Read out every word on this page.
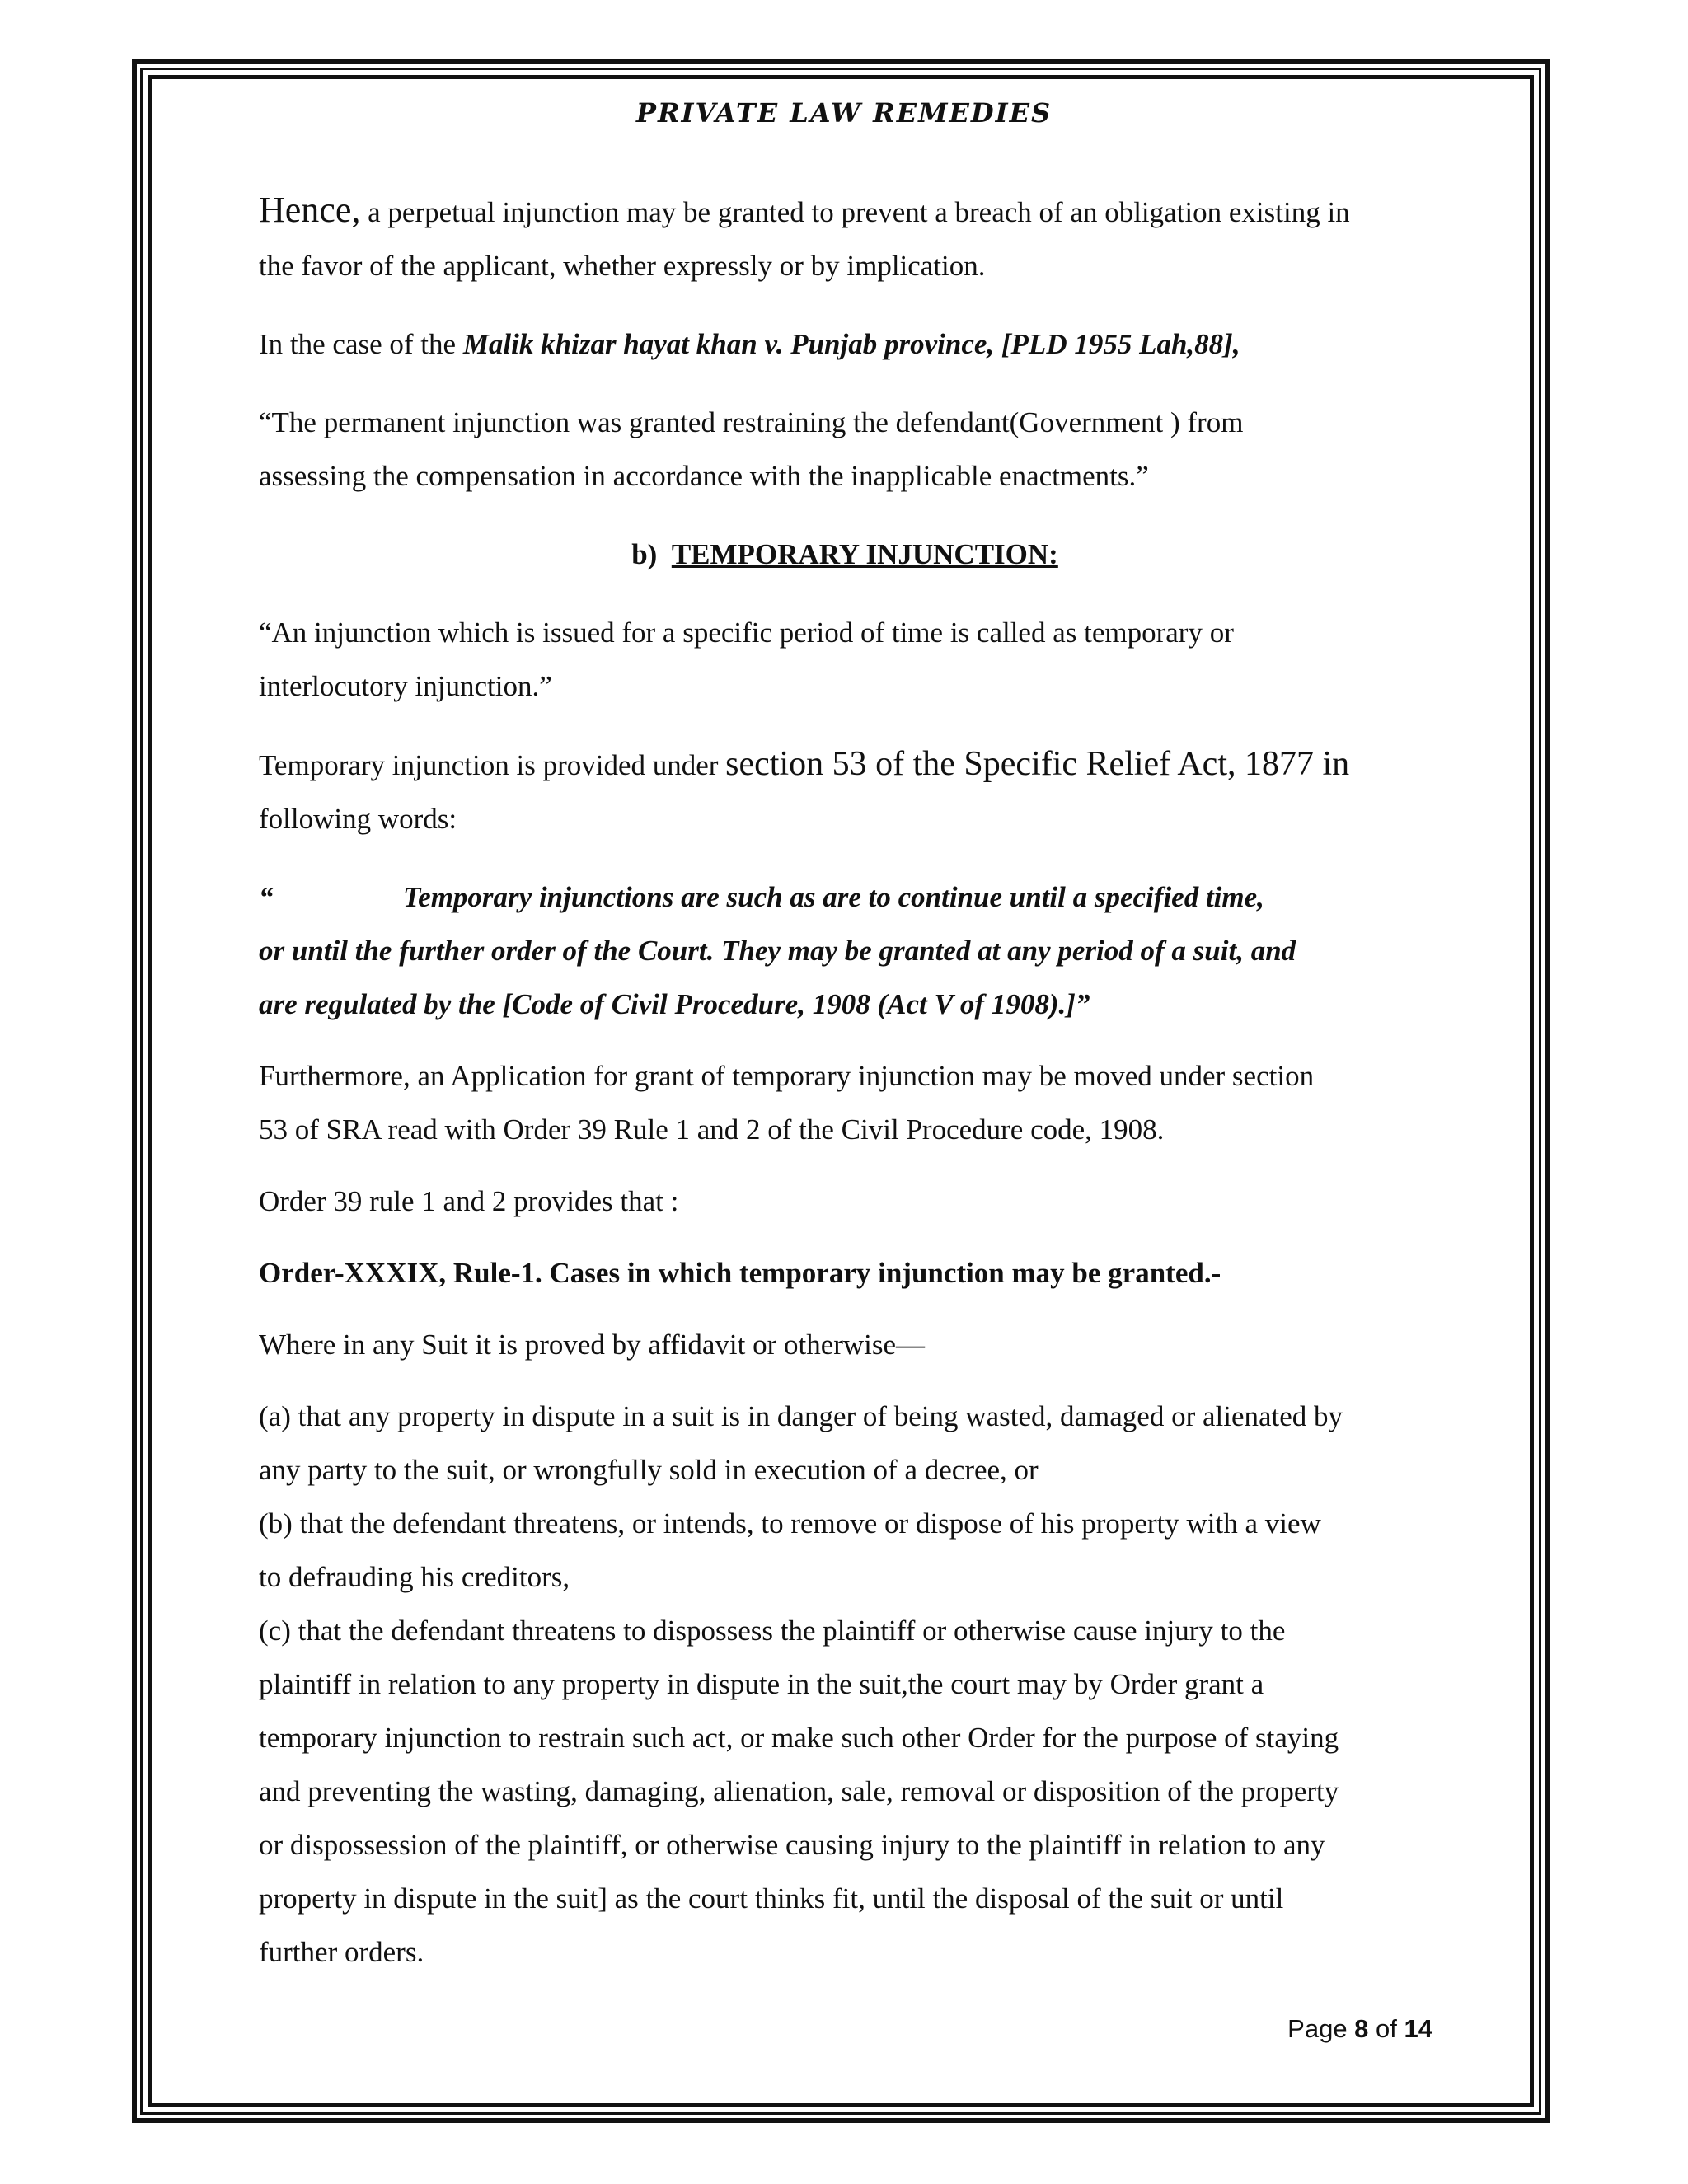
PRIVATE LAW REMEDIES

Hence, a perpetual injunction may be granted to prevent a breach of an obligation existing in

the favor of the applicant, whether expressly or by implication.

In the case of the Malik khizar hayat khan v. Punjab province, [PLD 1955 Lah,88],

“The permanent injunction was granted restraining the defendant(Government ) from

assessing the compensation in accordance with the inapplicable enactments.”

b) TEMPORARY INJUNCTION:

“An injunction which is issued for a specific period of time is called as temporary or

interlocutory injunction.”

Temporary injunction is provided under section 53 of the Specific Relief Act, 1877 in

following words:

“	Temporary injunctions are such as are to continue until a specified time,

or until the further order of the Court. They may be granted at any period of a suit, and

are regulated by the [Code of Civil Procedure, 1908 (Act V of 1908).]”

Furthermore, an Application for grant of temporary injunction may be moved under section

53 of SRA read with Order 39 Rule 1 and 2 of the Civil Procedure code, 1908.

Order 39 rule 1 and 2 provides that :

Order-XXXIX, Rule-1. Cases in which temporary injunction may be granted.-

Where in any Suit it is proved by affidavit or otherwise—

(a) that any property in dispute in a suit is in danger of being wasted, damaged or alienated by

any party to the suit, or wrongfully sold in execution of a decree, or

(b) that the defendant threatens, or intends, to remove or dispose of his property with a view

to defrauding his creditors,

(c) that the defendant threatens to dispossess the plaintiff or otherwise cause injury to the

plaintiff in relation to any property in dispute in the suit,the court may by Order grant a

temporary injunction to restrain such act, or make such other Order for the purpose of staying

and preventing the wasting, damaging, alienation, sale, removal or disposition of the property

or dispossession of the plaintiff, or otherwise causing injury to the plaintiff in relation to any

property in dispute in the suit] as the court thinks fit, until the disposal of the suit or until

further orders.

Page 8 of 14
